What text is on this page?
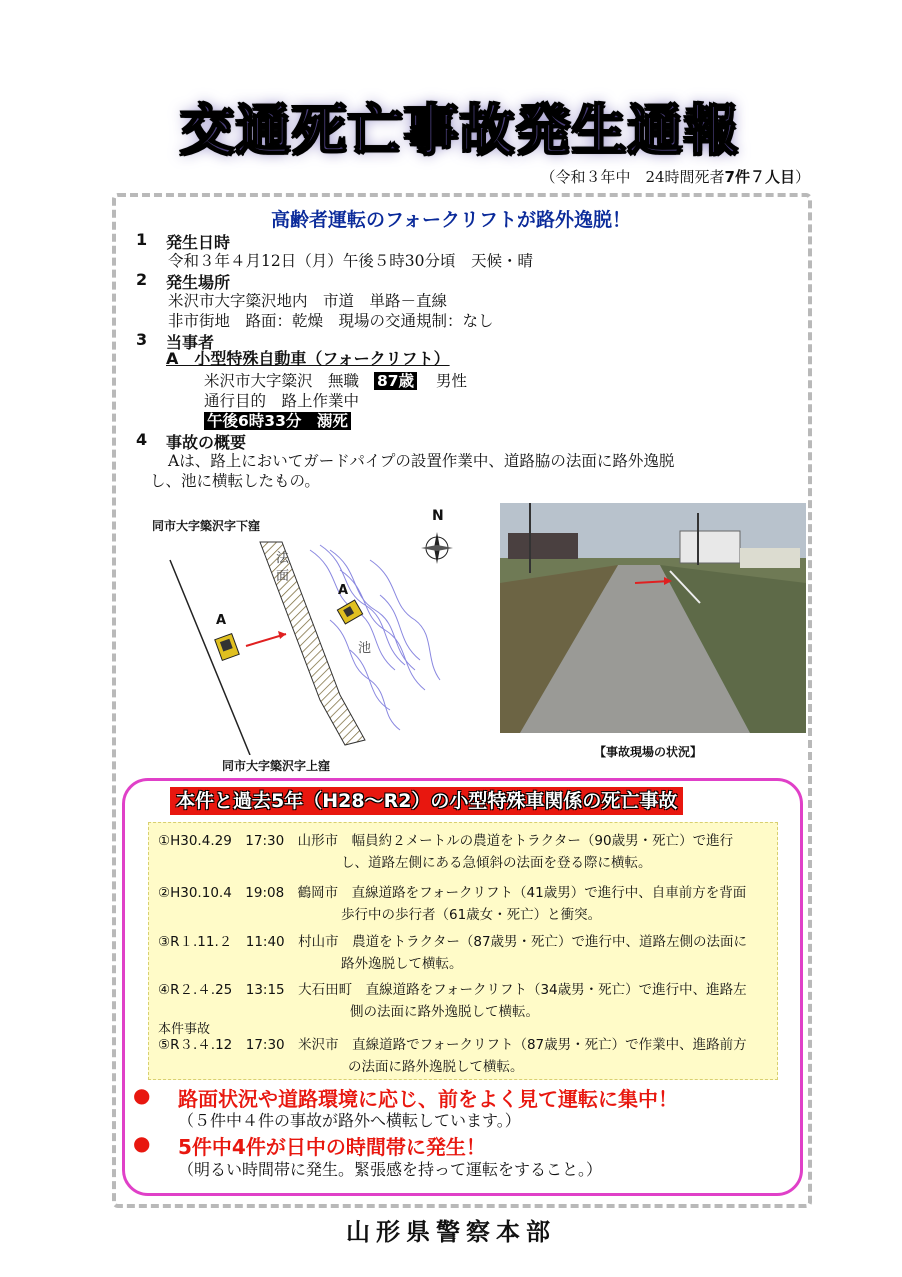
交通死亡事故発生通報
（令和３年中　24時間死者7件７人目）
高齢者運転のフォークリフトが路外逸脱！
1 発生日時
令和３年４月12日（月）午後５時30分頃　天候・晴
2 発生場所
米沢市大字簗沢地内　市道　単路－直線
非市街地　路面：乾燥　現場の交通規制：なし
3 当事者
A　小型特殊自動車（フォークリフト）
米沢市大字簗沢　無職 87歳 男性
通行目的　路上作業中
午後6時33分　溺死
4 事故の概要
Aは、路上においてガードパイプの設置作業中、道路脇の法面に路外逸脱
し、池に横転したもの。
同市大字簗沢字下窪
同市大字簗沢字上窪
法
面
池
N
A
A
【事故現場の状況】
本件と過去5年（H28～R2）の小型特殊車関係の死亡事故
①H30.4.29　17:30　山形市　幅員約２メートルの農道をトラクター（90歳男・死亡）で進行
し、道路左側にある急傾斜の法面を登る際に横転。
②H30.10.4　19:08　鶴岡市　直線道路をフォークリフト（41歳男）で進行中、自車前方を背面
歩行中の歩行者（61歳女・死亡）と衝突。
③R１.11.２　11:40　村山市　農道をトラクター（87歳男・死亡）で進行中、道路左側の法面に
路外逸脱して横転。
④R２.４.25　13:15　大石田町　直線道路をフォークリフト（34歳男・死亡）で進行中、進路左
側の法面に路外逸脱して横転。
本件事故
⑤R３.４.12　17:30　米沢市　直線道路でフォークリフト（87歳男・死亡）で作業中、進路前方
の法面に路外逸脱して横転。
● 路面状況や道路環境に応じ、前をよく見て運転に集中！
（５件中４件の事故が路外へ横転しています。）
● 5件中4件が日中の時間帯に発生！
（明るい時間帯に発生。緊張感を持って運転をすること。）
山形県警察本部
